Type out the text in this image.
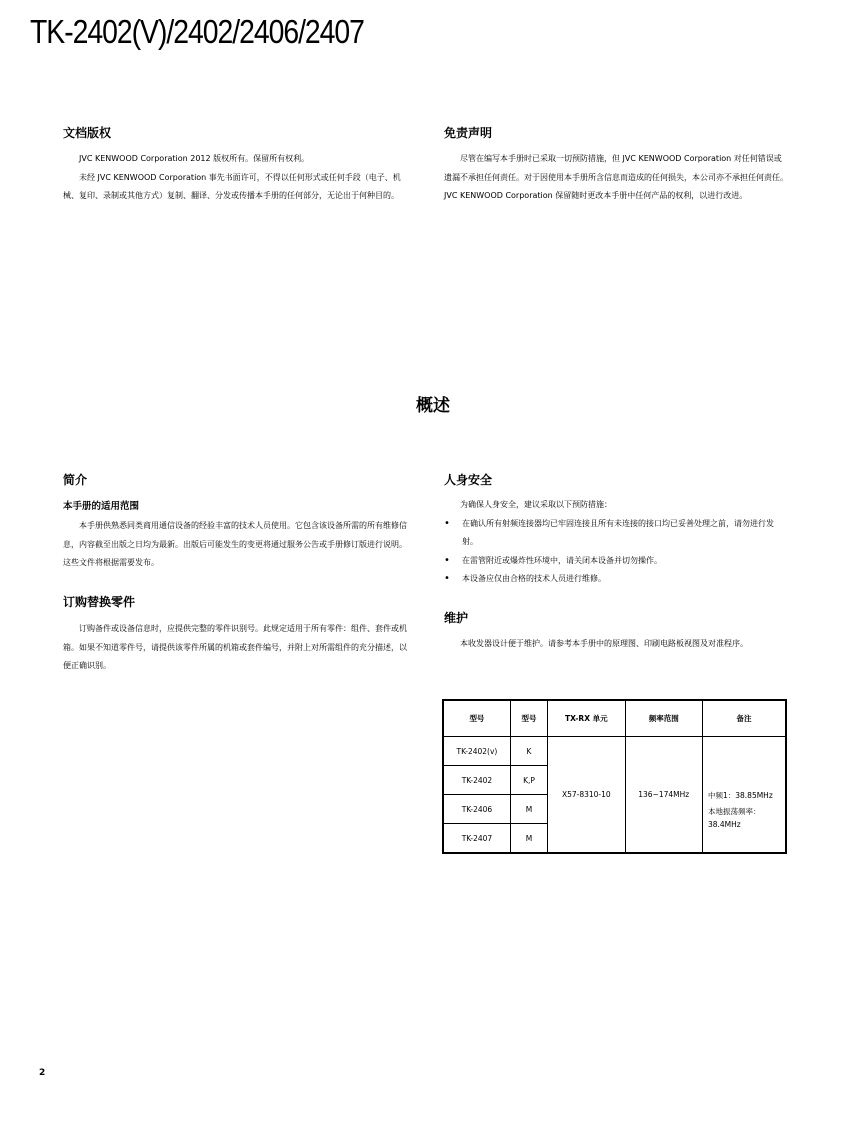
TK-2402(V)/2402/2406/2407
文档版权

JVC KENWOOD Corporation 2012 版权所有。保留所有权利。

未经 JVC KENWOOD Corporation 事先书面许可，不得以任何形式或任何手段（电子、机械、复印、录制或其他方式）复制、翻译、分发或传播本手册的任何部分，无论出于何种目的。

免责声明

尽管在编写本手册时已采取一切预防措施，但 JVC KENWOOD Corporation 对任何错误或遗漏不承担任何责任。对于因使用本手册所含信息而造成的任何损失，本公司亦不承担任何责任。JVC KENWOOD Corporation 保留随时更改本手册中任何产品的权利，以进行改进。

概述
简介
本手册的适用范围

本手册供熟悉同类商用通信设备的经验丰富的技术人员使用。它包含该设备所需的所有维修信息，内容截至出版之日均为最新。出版后可能发生的变更将通过服务公告或手册修订版进行说明。这些文件将根据需要发布。

订购替换零件

订购备件或设备信息时，应提供完整的零件识别号。此规定适用于所有零件：组件、套件或机箱。如果不知道零件号，请提供该零件所属的机箱或套件编号，并附上对所需组件的充分描述，以便正确识别。

人身安全

为确保人身安全，建议采取以下预防措施：

• 在确认所有射频连接器均已牢固连接且所有未连接的接口均已妥善处理之前，请勿进行发射。
• 在雷管附近或爆炸性环境中，请关闭本设备并切勿操作。
• 本设备应仅由合格的技术人员进行维修。
维护

本收发器设计便于维护。请参考本手册中的原理图、印刷电路板视图及对准程序。

型号	型号	TX-RX 单元	频率范围	备注
TK-2402(v)	K	X57-8310-10	136~174MHz	中频1：38.85MHz
本地振荡频率：38.4MHz

TK-2402	K,P			
TK-2406	M			
TK-2407	M			
2
